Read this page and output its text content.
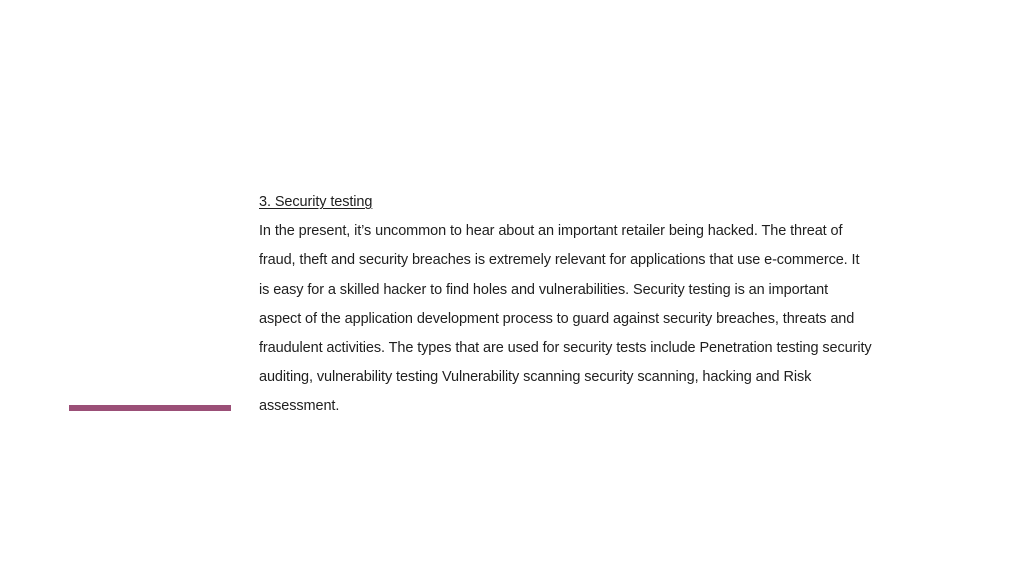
3. Security testing
In the present, it’s uncommon to hear about an important retailer being hacked. The threat of
fraud, theft and security breaches is extremely relevant for applications that use e-commerce. It
is easy for a skilled hacker to find holes and vulnerabilities. Security testing is an important
aspect of the application development process to guard against security breaches, threats and
fraudulent activities. The types that are used for security tests include Penetration testing security
auditing, vulnerability testing Vulnerability scanning security scanning, hacking and Risk
assessment.
